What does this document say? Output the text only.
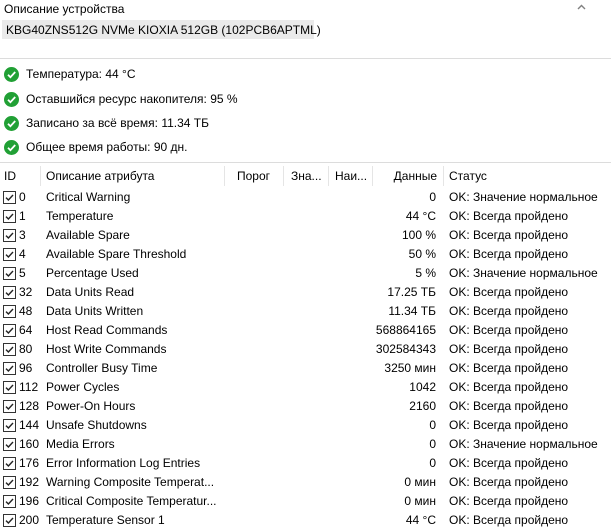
Описание устройства
KBG40ZNS512G NVMe KIOXIA 512GB (102PCB6APTML)
Температура: 44 °C
Оставшийся ресурс накопителя: 95 %
Записано за всё время: 11.34 ТБ
Общее время работы: 90 дн.
ID	Описание атрибута	Порог	Зна...	Наи...	Данные Статус
0	Critical Warning	0 OK: Значение нормальное
1	Temperature	44 °C OK: Всегда пройдено
3	Available Spare	100 % OK: Всегда пройдено
4	Available Spare Threshold	50 % OK: Всегда пройдено
5	Percentage Used	5 % OK: Значение нормальное
32	Data Units Read	17.25 ТБ OK: Всегда пройдено
48	Data Units Written	11.34 ТБ OK: Всегда пройдено
64	Host Read Commands	568864165 OK: Всегда пройдено
80	Host Write Commands	302584343 OK: Всегда пройдено
96	Controller Busy Time	3250 мин OK: Всегда пройдено
112 Power Cycles	1042 OK: Всегда пройдено
128 Power-On Hours	2160 OK: Всегда пройдено
144 Unsafe Shutdowns	0 OK: Всегда пройдено
160 Media Errors	0 OK: Значение нормальное
176 Error Information Log Entries	0 OK: Всегда пройдено
192 Warning Composite Temperat...	0 мин OK: Всегда пройдено
196 Critical Composite Temperatur...	0 мин OK: Всегда пройдено
200 Temperature Sensor 1	44 °C OK: Всегда пройдено
